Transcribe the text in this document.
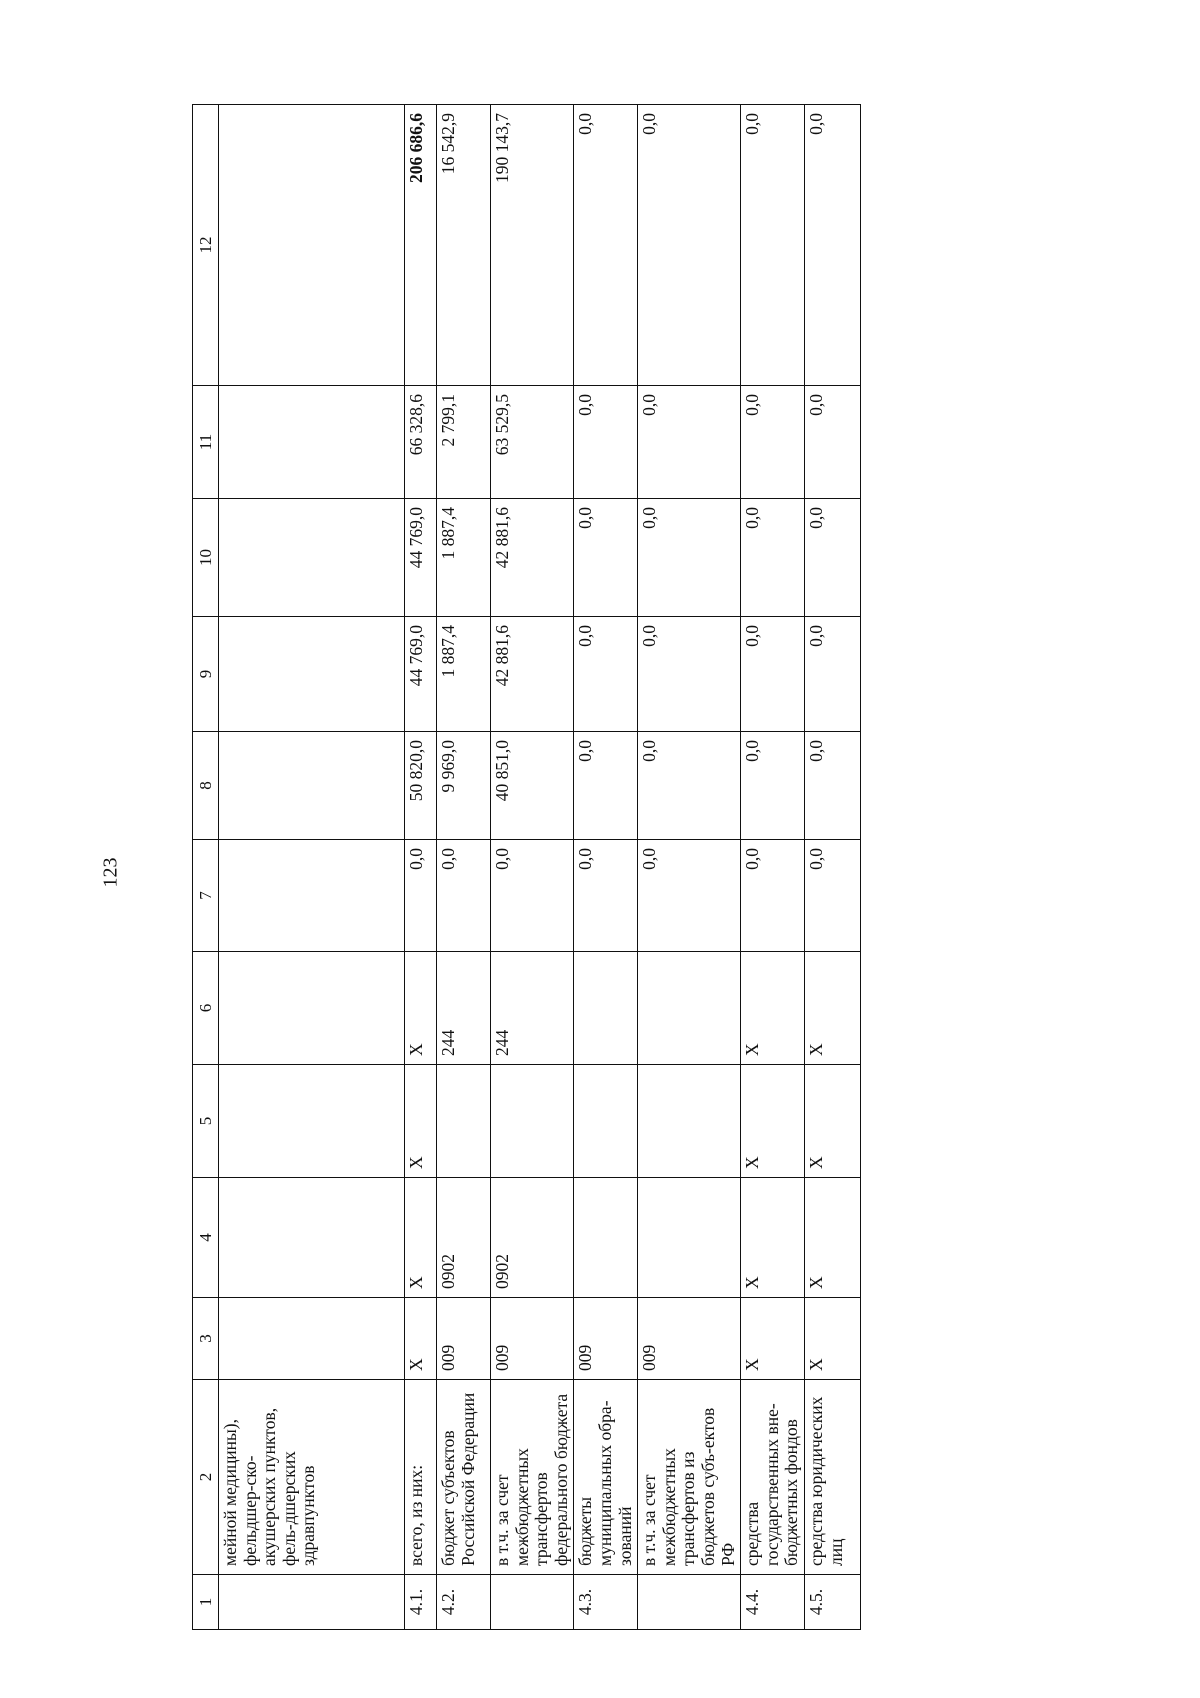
123
1	2	3	4	5	6	7	8	9	10	11	12
	мейной медицины), фельдшер-ско-акушерских пунктов, фель-дшерских здравпунктов										
4.1.	всего, из них:	Х	Х	Х	Х	0,0	50 820,0	44 769,0	44 769,0	66 328,6	206 686,6
4.2.	бюджет субъектов Российской Федерации	009	0902		244	0,0	9 969,0	1 887,4	1 887,4	2 799,1	16 542,9
	в т.ч. за счет межбюджетных трансфертов федерального бюджета	009	0902		244	0,0	40 851,0	42 881,6	42 881,6	63 529,5	190 143,7
4.3.	бюджеты муниципальных обра-зований	009				0,0	0,0	0,0	0,0	0,0	0,0
	в т.ч. за счет межбюджетных трансфертов из бюджетов субъ-ектов РФ	009				0,0	0,0	0,0	0,0	0,0	0,0
4.4.	средства государственных вне-бюджетных фондов	Х	Х	Х	Х	0,0	0,0	0,0	0,0	0,0	0,0
4.5.	средства юридических лиц	Х	Х	Х	Х	0,0	0,0	0,0	0,0	0,0	0,0
